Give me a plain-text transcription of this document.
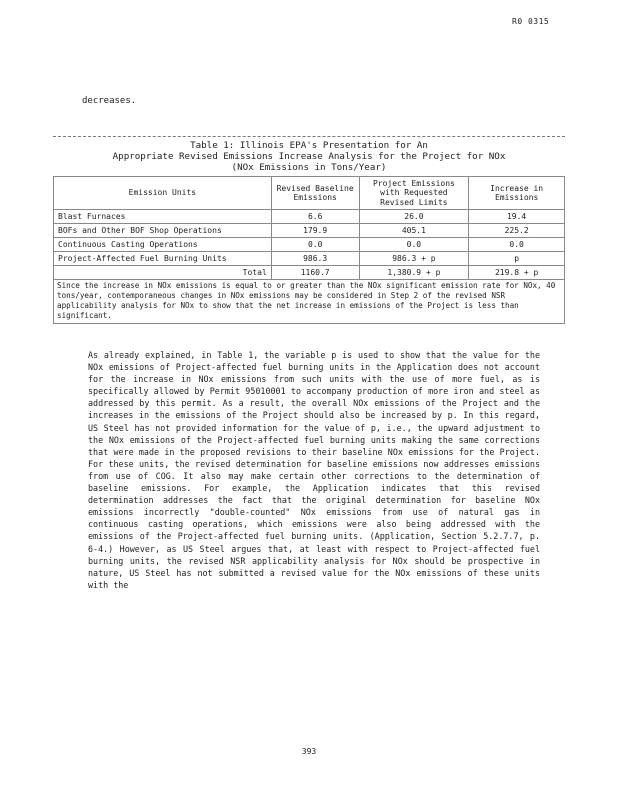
R0 0315
decreases.
Table 1: Illinois EPA's Presentation for An
Appropriate Revised Emissions Increase Analysis for the Project for NOx
(NOx Emissions in Tons/Year)
Emission Units	Revised Baseline Emissions	Project Emissions with Requested Revised Limits	Increase in Emissions
Blast Furnaces	6.6	26.0	19.4
BOFs and Other BOF Shop Operations	179.9	405.1	225.2
Continuous Casting Operations	0.0	0.0	0.0
Project-Affected Fuel Burning Units	986.3	986.3 + p	p
Total	1160.7	1,380.9 + p	219.8 + p

Since the increase in NOx emissions is equal to or greater than the NOx significant emission rate for NOx, 40 tons/year, contemporaneous changes in NOx emissions may be considered in Step 2 of the revised NSR applicability analysis for NOx to show that the net increase in emissions of the Project is less than significant.

As already explained, in Table 1, the variable p is used to show that the value for the NOx emissions of Project-affected fuel burning units in the Application does not account for the increase in NOx emissions from such units with the use of more fuel, as is specifically allowed by Permit 95010001 to accompany production of more iron and steel as addressed by this permit. As a result, the overall NOx emissions of the Project and the increases in the emissions of the Project should also be increased by p. In this regard, US Steel has not provided information for the value of p, i.e., the upward adjustment to the NOx emissions of the Project-affected fuel burning units making the same corrections that were made in the proposed revisions to their baseline NOx emissions for the Project. For these units, the revised determination for baseline emissions now addresses emissions from use of COG. It also may make certain other corrections to the determination of baseline emissions. For example, the Application indicates that this revised determination addresses the fact that the original determination for baseline NOx emissions incorrectly "double-counted" NOx emissions from use of natural gas in continuous casting operations, which emissions were also being addressed with the emissions of the Project-affected fuel burning units. (Application, Section 5.2.7.7, p. 6-4.) However, as US Steel argues that, at least with respect to Project-affected fuel burning units, the revised NSR applicability analysis for NOx should be prospective in nature, US Steel has not submitted a revised value for the NOx emissions of these units with the

393
